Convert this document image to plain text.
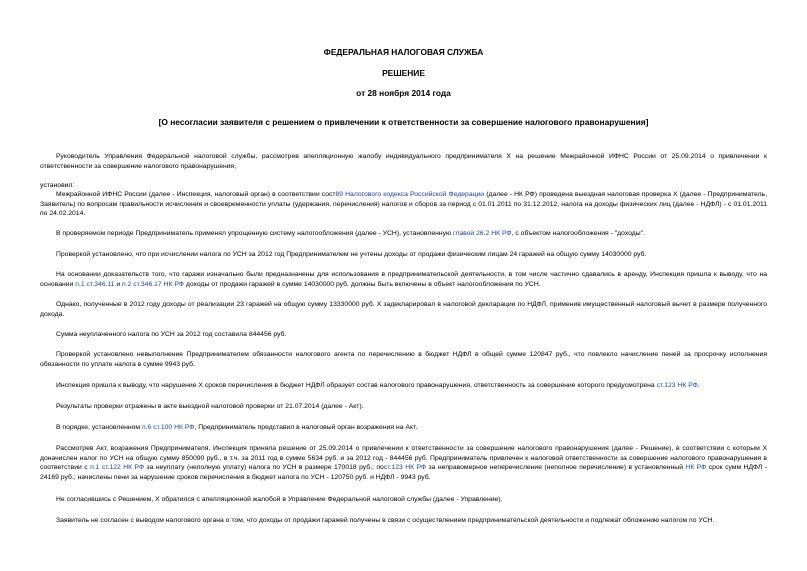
ФЕДЕРАЛЬНАЯ НАЛОГОВАЯ СЛУЖБА
РЕШЕНИЕ
от 28 ноября 2014 года
[О несогласии заявителя с решением о привлечении к ответственности за совершение налогового правонарушения]
Руководитель Управления Федеральной налоговой службы, рассмотрев апелляционную жалобу индивидуального предпринимателя Х на решение Межрайонной ИФНС России от 25.09.2014 о привлечении к ответственности за совершение налогового правонарушения,
установил:
Межрайонной ИФНС России (далее - Инспекция, налоговый орган) в соответствии сост89 Налогового кодекса Российской Федерации (далее - НК РФ) проведена выездная налоговая проверка Х (далее - Предприниматель, Заявитель) по вопросам правильности исчисления и своевременности уплаты (удержания, перечисления) налогов и сборов за период с 01.01.2011 по 31.12.2012, налога на доходы физических лиц (далее - НДФЛ) - с 01.01.2011 по 24.02.2014.
В проверяемом периоде Предприниматель применял упрощенную систему налогообложения (далее - УСН), установленную главой 26.2 НК РФ, с объектом налогообложения - "доходы".
Проверкой установлено, что при исчислении налога по УСН за 2012 год Предпринимателем не учтены доходы от продажи физическим лицам 24 гаражей на общую сумму 14030000 руб.
На основании доказательств того, что гаражи изначально были предназначены для использования в предпринимательской деятельности, в том числе частично сдавались в аренду, Инспекция пришла к выводу, что на основании п.1 ст.346.11 и п.2 ст.346.17 НК РФ доходы от продажи гаражей в сумме 14030000 руб. должны быть включены в объект налогообложения по УСН.
Однако, полученные в 2012 году доходы от реализации 23 гаражей на общую сумму 13330000 руб. Х задекларировал в налоговой декларации по НДФЛ, применив имущественный налоговый вычет в размере полученного дохода.
Сумма неуплаченного налога по УСН за 2012 год составила 844456 руб.
Проверкой установлено невыполнение Предпринимателем обязанности налогового агента по перечислению в бюджет НДФЛ в общей сумме 120847 руб., что повлекло начисление пеней за просрочку исполнения обязанности по уплате налога в сумме 9943 руб.
Инспекция пришла к выводу, что нарушение Х сроков перечисления в бюджет НДФЛ образует состав налогового правонарушения, ответственность за совершение которого предусмотрена ст.123 НК РФ.
Результаты проверки отражены в акте выездной налоговой проверки от 21.07.2014 (далее - Акт).
В порядке, установленном п.6 ст.100 НК РФ, Предприниматель представил в налоговый орган возражения на Акт.
Рассмотрев Акт, возражения Предпринимателя, Инспекция приняла решение от 25.09.2014 о привлечении к ответственности за совершение налогового правонарушения (далее - Решение), в соответствии с которым Х доначислен налог по УСН на общую сумму 850090 руб., в т.ч. за 2011 год в сумме 5634 руб. и за 2012 год - 844456 руб. Предприниматель привлечен к налоговой ответственности за совершение налогового правонарушения в соответствии с п.1 ст.122 НК РФ за неуплату (неполную уплату) налога по УСН в размере 170018 руб.; пост.123 НК РФ за неправомерное неперечисление (неполное перечисление) в установленный НК РФ срок сумм НДФЛ - 24169 руб.; начислены пени за нарушение сроков перечисления в бюджет налога по УСН - 120750 руб. и НДФЛ - 9943 руб.
Не согласившись с Решением, Х обратился с апелляционной жалобой в Управление Федеральной налоговой службы (далее - Управление).
Заявитель не согласен с выводом налогового органа о том, что доходы от продажи гаражей получены в связи с осуществлением предпринимательской деятельности и подлежат обложению налогом по УСН.
